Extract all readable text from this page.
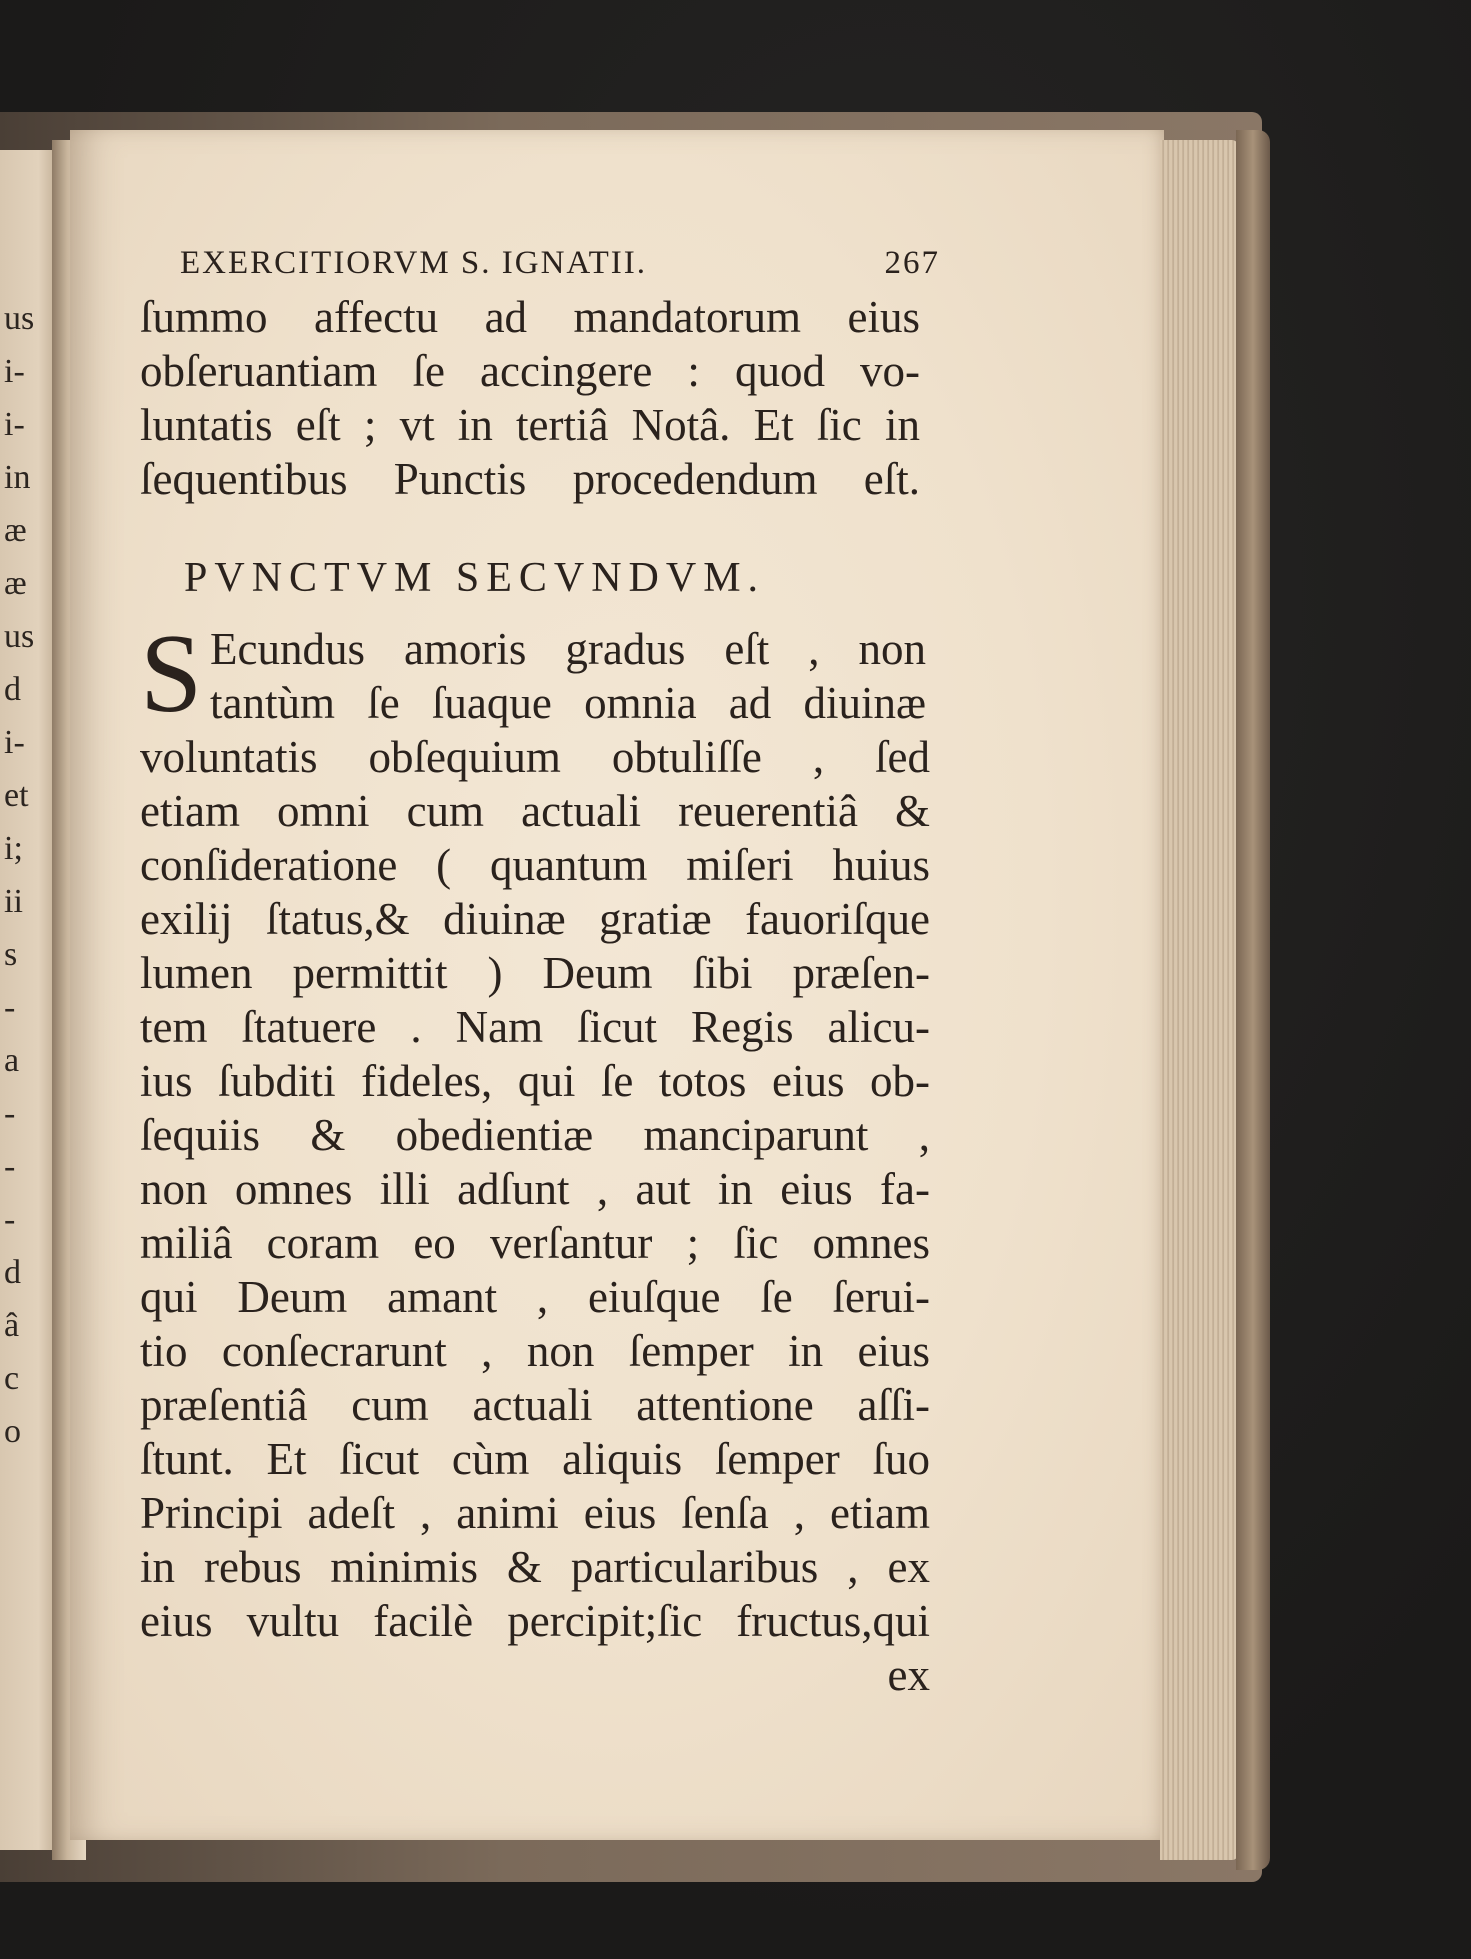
us
i-
i-
in
æ
æ
us
d
i-
et
i;
ii
s
-
a
-
-
-
d
â
c
o
EXERCITIORVM S. IGNATII.	267
ſummo affectu ad mandatorum eius
obſeruantiam ſe accingere : quod vo-
luntatis eſt ; vt in tertiâ Notâ. Et ſic in
ſequentibus Punctis procedendum eſt.
PVNCTVM SECVNDVM.
S Ecundus amoris gradus eſt , non
tantùm ſe ſuaque omnia ad diuinæ
voluntatis obſequium obtuliſſe , ſed
etiam omni cum actuali reuerentiâ &
conſideratione ( quantum miſeri huius
exilij ſtatus,& diuinæ gratiæ fauoriſque
lumen permittit ) Deum ſibi præſen-
tem ſtatuere . Nam ſicut Regis alicu-
ius ſubditi fideles, qui ſe totos eius ob-
ſequiis & obedientiæ manciparunt ,
non omnes illi adſunt , aut in eius fa-
miliâ coram eo verſantur ; ſic omnes
qui Deum amant , eiuſque ſe ſerui-
tio conſecrarunt , non ſemper in eius
præſentiâ cum actuali attentione aſſi-
ſtunt. Et ſicut cùm aliquis ſemper ſuo
Principi adeſt , animi eius ſenſa , etiam
in rebus minimis & particularibus , ex
eius vultu facilè percipit;ſic fructus,qui
ex
